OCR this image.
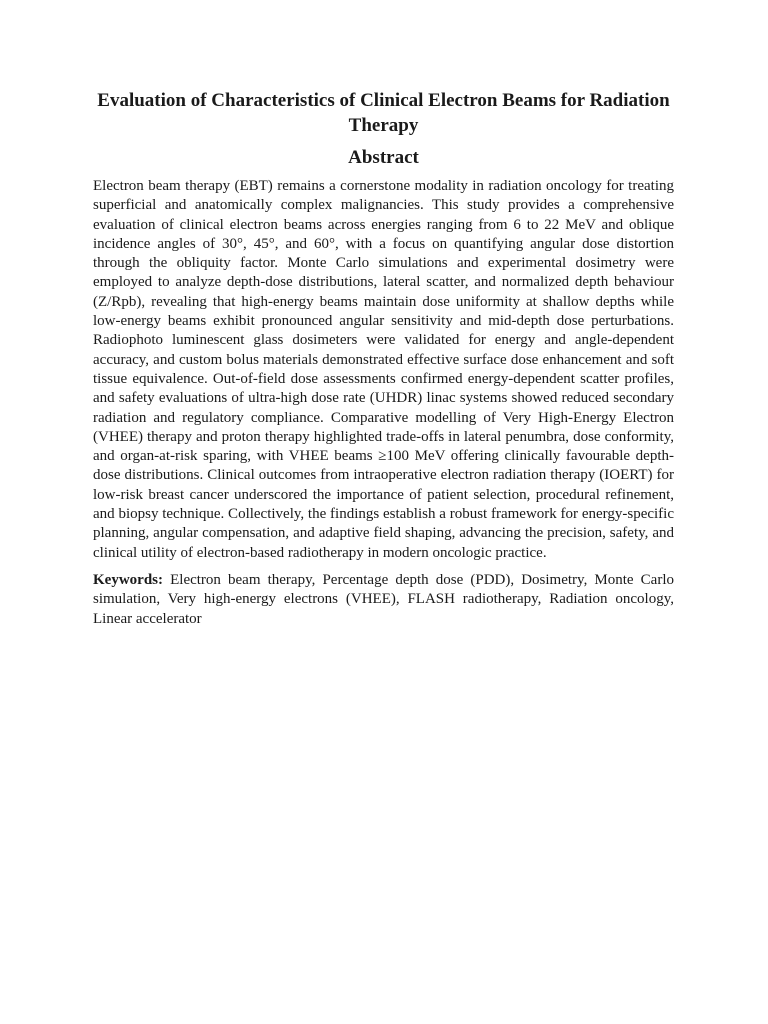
Evaluation of Characteristics of Clinical Electron Beams for Radiation Therapy
Abstract

Electron beam therapy (EBT) remains a cornerstone modality in radiation oncology for treating superficial and anatomically complex malignancies. This study provides a comprehensive evaluation of clinical electron beams across energies ranging from 6 to 22 MeV and oblique incidence angles of 30°, 45°, and 60°, with a focus on quantifying angular dose distortion through the obliquity factor. Monte Carlo simulations and experimental dosimetry were employed to analyze depth-dose distributions, lateral scatter, and normalized depth behaviour (Z/Rpb), revealing that high-energy beams maintain dose uniformity at shallow depths while low-energy beams exhibit pronounced angular sensitivity and mid-depth dose perturbations. Radiophoto luminescent glass dosimeters were validated for energy and angle-dependent accuracy, and custom bolus materials demonstrated effective surface dose enhancement and soft tissue equivalence. Out-of-field dose assessments confirmed energy-dependent scatter profiles, and safety evaluations of ultra-high dose rate (UHDR) linac systems showed reduced secondary radiation and regulatory compliance. Comparative modelling of Very High-Energy Electron (VHEE) therapy and proton therapy highlighted trade-offs in lateral penumbra, dose conformity, and organ-at-risk sparing, with VHEE beams ≥100 MeV offering clinically favourable depth-dose distributions. Clinical outcomes from intraoperative electron radiation therapy (IOERT) for low-risk breast cancer underscored the importance of patient selection, procedural refinement, and biopsy technique. Collectively, the findings establish a robust framework for energy-specific planning, angular compensation, and adaptive field shaping, advancing the precision, safety, and clinical utility of electron-based radiotherapy in modern oncologic practice.

Keywords: Electron beam therapy, Percentage depth dose (PDD), Dosimetry, Monte Carlo simulation, Very high-energy electrons (VHEE), FLASH radiotherapy, Radiation oncology, Linear accelerator
